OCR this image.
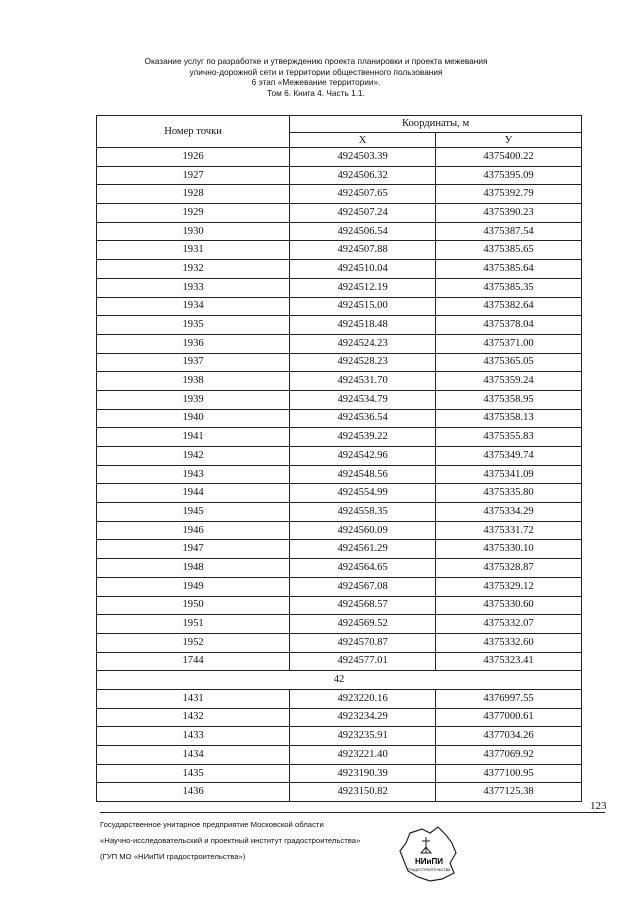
Оказание услуг по разработке и утверждению проекта планировки и проекта межевания
улично-дорожной сети и территории общественного пользования
6 этап «Межевание территории».
Том 6. Книга 4. Часть 1.1.
Номер точки	Координаты, м	
	X	У
1926	4924503.39	4375400.22
1927	4924506.32	4375395.09
1928	4924507.65	4375392.79
1929	4924507.24	4375390.23
1930	4924506.54	4375387.54
1931	4924507.88	4375385.65
1932	4924510.04	4375385.64
1933	4924512.19	4375385.35
1934	4924515.00	4375382.64
1935	4924518.48	4375378.04
1936	4924524.23	4375371.00
1937	4924528.23	4375365.05
1938	4924531.70	4375359.24
1939	4924534.79	4375358.95
1940	4924536.54	4375358.13
1941	4924539.22	4375355.83
1942	4924542.96	4375349.74
1943	4924548.56	4375341.09
1944	4924554.99	4375335.80
1945	4924558.35	4375334.29
1946	4924560.09	4375331.72
1947	4924561.29	4375330.10
1948	4924564.65	4375328.87
1949	4924567.08	4375329.12
1950	4924568.57	4375330.60
1951	4924569.52	4375332.07
1952	4924570.87	4375332.60
1744	4924577.01	4375323.41
42		
1431	4923220.16	4376997.55
1432	4923234.29	4377000.61
1433	4923235.91	4377034.26
1434	4923221.40	4377069.92
1435	4923190.39	4377100.95
1436	4923150.82	4377125.38
123
Государственное унитарное предприятие Московской области
«Научно-исследовательский и проектный институт градостроительства»
(ГУП МО «НИиПИ градостроительства»)
НИиПИ
ГРАДОСТРОИТЕЛЬСТВА
